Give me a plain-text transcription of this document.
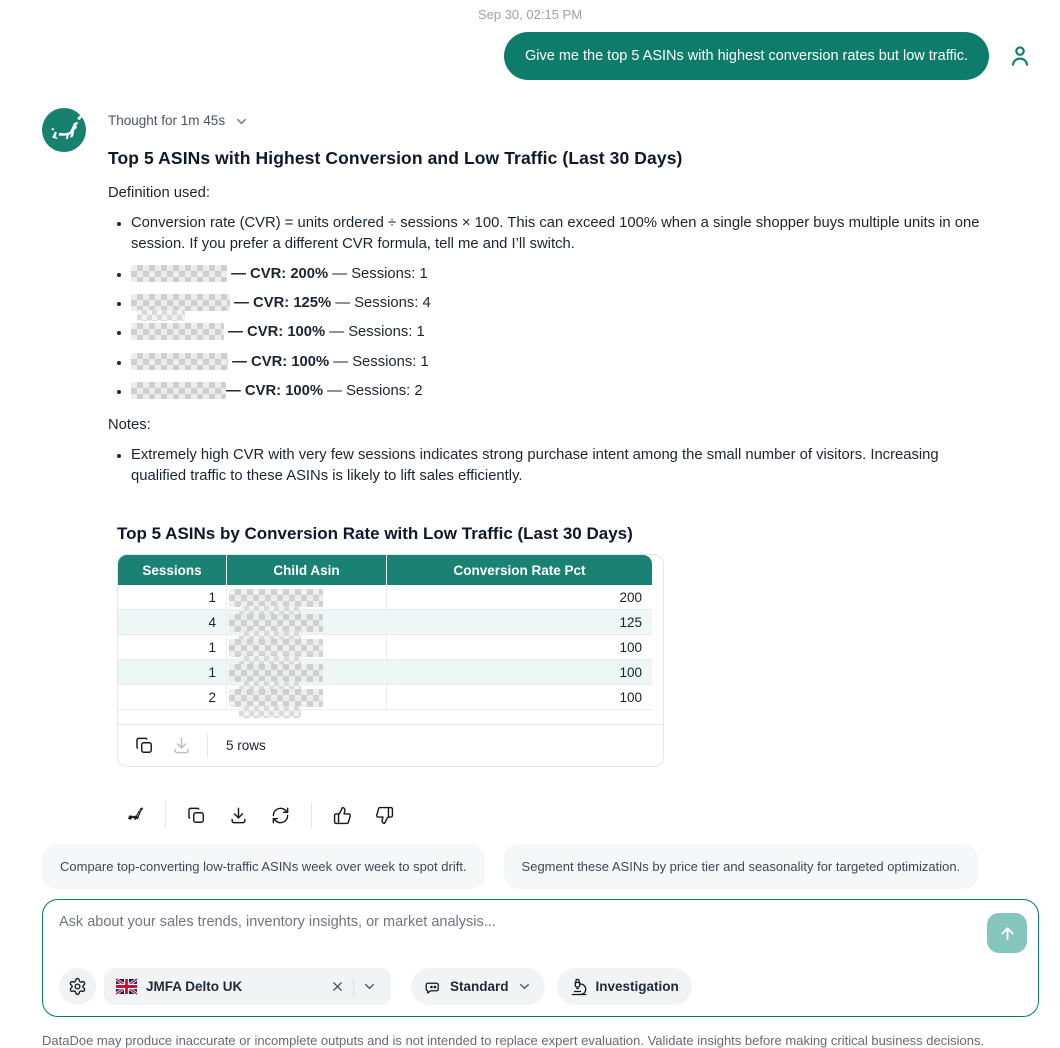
Sep 30, 02:15 PM
Give me the top 5 ASINs with highest conversion rates but low traffic.
Thought for 1m 45s
Top 5 ASINs with Highest Conversion and Low Traffic (Last 30 Days)

Definition used:

• Conversion rate (CVR) = units ordered ÷ sessions × 100. This can exceed 100% when a single shopper buys multiple units in one session. If you prefer a different CVR formula, tell me and I’ll switch.
• — CVR: 200% — Sessions: 1
• — CVR: 125% — Sessions: 4
• — CVR: 100% — Sessions: 1
• — CVR: 100% — Sessions: 1
• — CVR: 100% — Sessions: 2

Notes:

• Extremely high CVR with very few sessions indicates strong purchase intent among the small number of visitors. Increasing qualified traffic to these ASINs is likely to lift sales efficiently.
Top 5 ASINs by Conversion Rate with Low Traffic (Last 30 Days)
Sessions	Child Asin	Conversion Rate Pct
1		200
4		125
1		100
1		100
2		100
5 rows
Compare top-converting low-traffic ASINs week over week to spot drift.	Segment these ASINs by price tier and seasonality for targeted optimization.
Ask about your sales trends, inventory insights, or market analysis...
JMFA Delto UK	Standard	Investigation
DataDoe may produce inaccurate or incomplete outputs and is not intended to replace expert evaluation. Validate insights before making critical business decisions.
